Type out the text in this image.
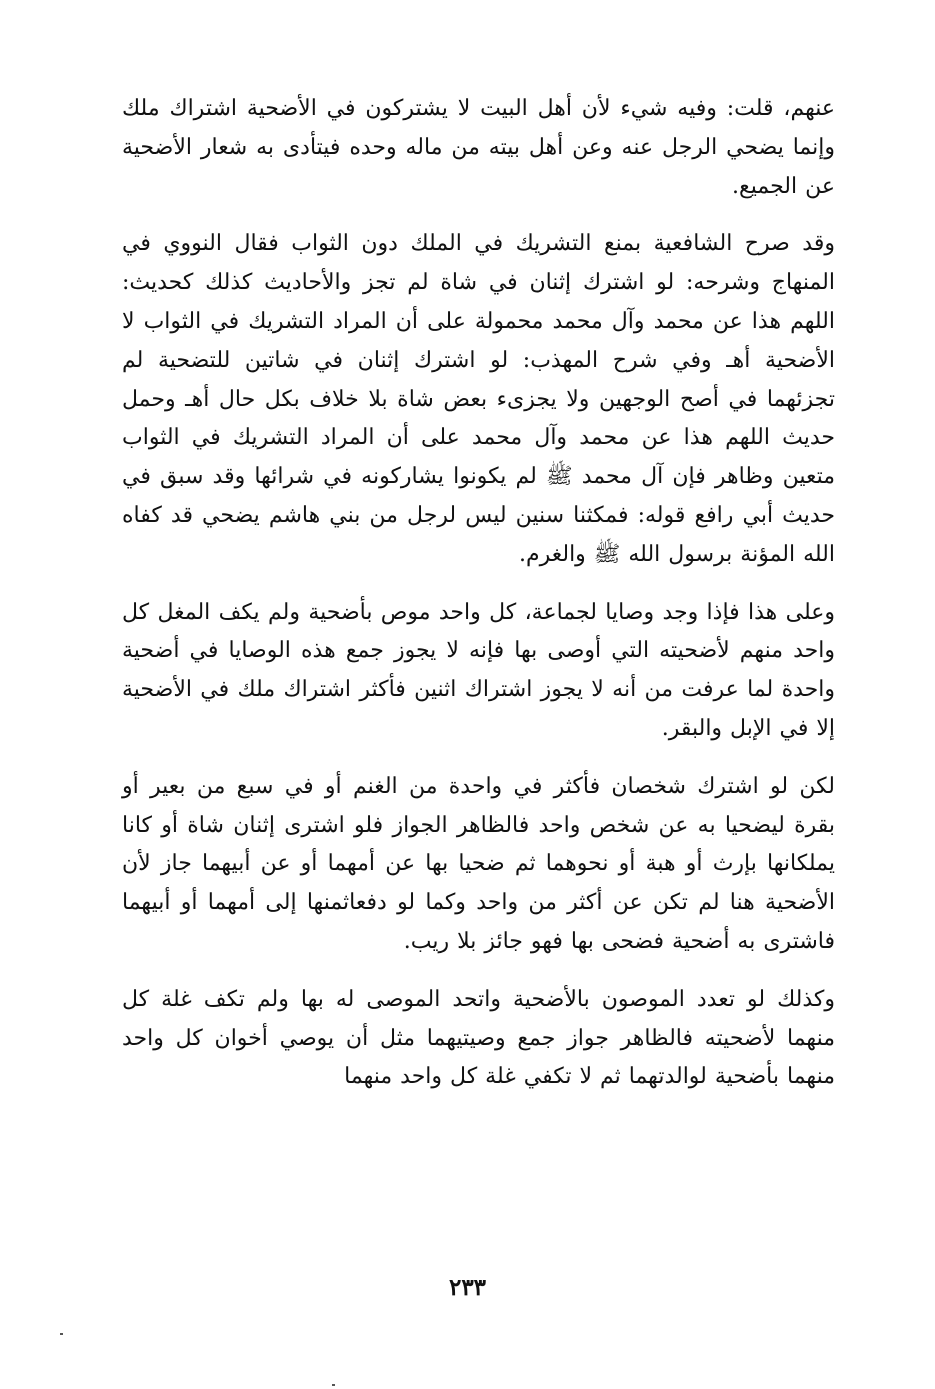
عنهم، قلت: وفيه شيء لأن أهل البيت لا يشتركون في الأضحية اشتراك ملك وإنما يضحي الرجل عنه وعن أهل بيته من ماله وحده فيتأدى به شعار الأضحية عن الجميع.

وقد صرح الشافعية بمنع التشريك في الملك دون الثواب فقال النووي في المنهاج وشرحه: لو اشترك إثنان في شاة لم تجز والأحاديث كذلك كحديث: اللهم هذا عن محمد وآل محمد محمولة على أن المراد التشريك في الثواب لا الأضحية أهـ وفي شرح المهذب: لو اشترك إثنان في شاتين للتضحية لم تجزئهما في أصح الوجهين ولا يجزىء بعض شاة بلا خلاف بكل حال أهـ وحمل حديث اللهم هذا عن محمد وآل محمد على أن المراد التشريك في الثواب متعين وظاهر فإن آل محمد ﷺ لم يكونوا يشاركونه في شرائها وقد سبق في حديث أبي رافع قوله: فمكثنا سنين ليس لرجل من بني هاشم يضحي قد كفاه الله المؤنة برسول الله ﷺ والغرم.

وعلى هذا فإذا وجد وصايا لجماعة، كل واحد موص بأضحية ولم يكف المغل كل واحد منهم لأضحيته التي أوصى بها فإنه لا يجوز جمع هذه الوصايا في أضحية واحدة لما عرفت من أنه لا يجوز اشتراك اثنين فأكثر اشتراك ملك في الأضحية إلا في الإبل والبقر.

لكن لو اشترك شخصان فأكثر في واحدة من الغنم أو في سبع من بعير أو بقرة ليضحيا به عن شخص واحد فالظاهر الجواز فلو اشترى إثنان شاة أو كانا يملكانها بإرث أو هبة أو نحوهما ثم ضحيا بها عن أمهما أو عن أبيهما جاز لأن الأضحية هنا لم تكن عن أكثر من واحد وكما لو دفعاثمنها إلى أمهما أو أبيهما فاشترى به أضحية فضحى بها فهو جائز بلا ريب.

وكذلك لو تعدد الموصون بالأضحية واتحد الموصى له بها ولم تكف غلة كل منهما لأضحيته فالظاهر جواز جمع وصيتيهما مثل أن يوصي أخوان كل واحد منهما بأضحية لوالدتهما ثم لا تكفي غلة كل واحد منهما

٢٣٣
